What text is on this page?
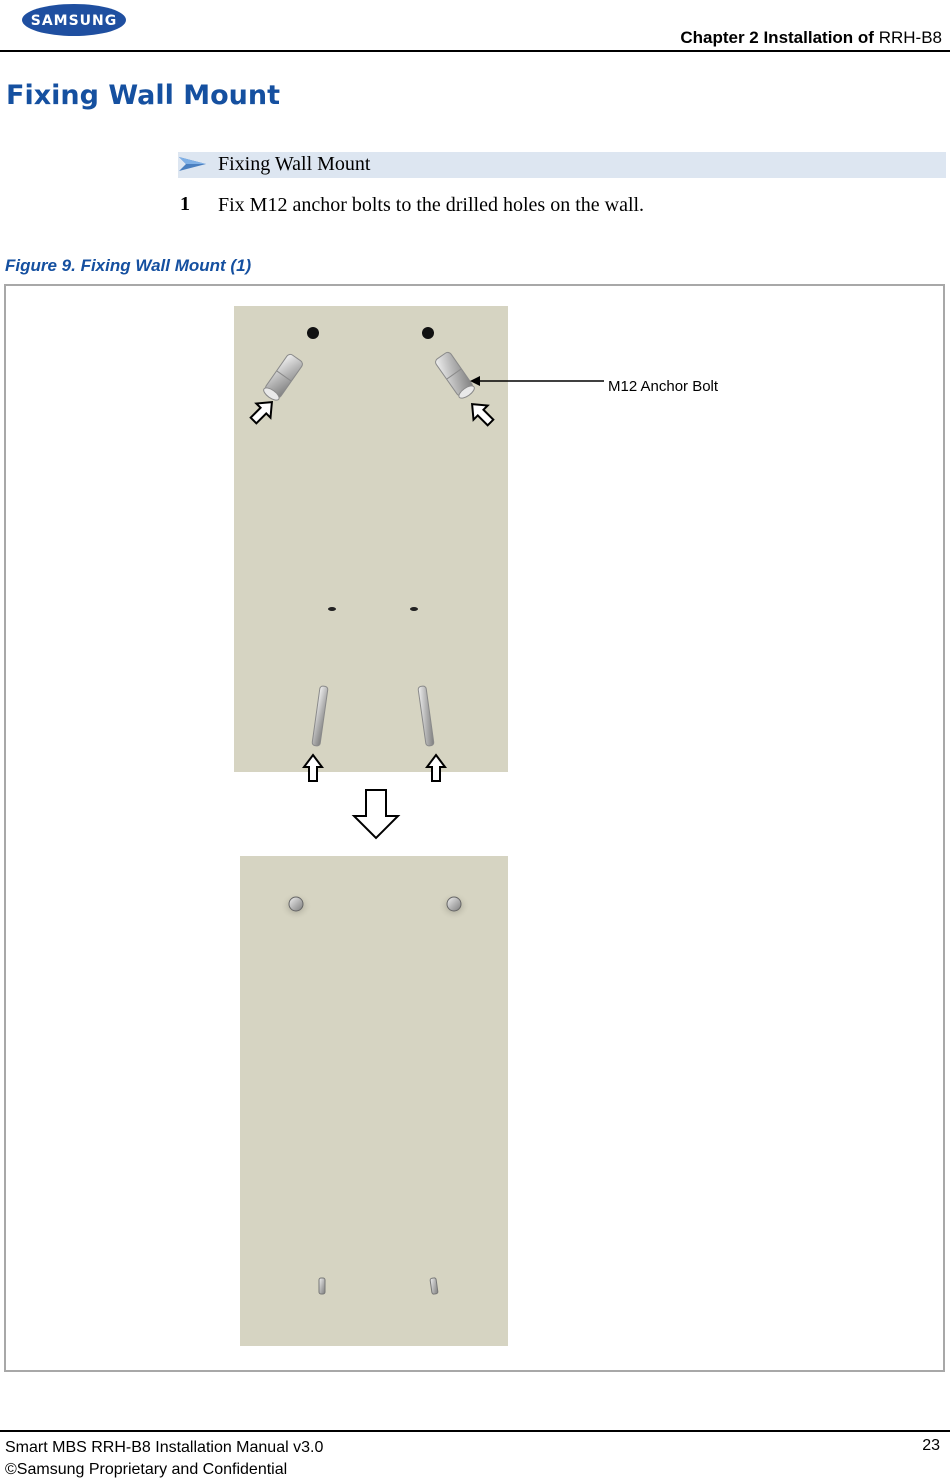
SAMSUNG
Chapter 2 Installation of RRH-B8
Fixing Wall Mount
Fixing Wall Mount
1 Fix M12 anchor bolts to the drilled holes on the wall.
Figure 9. Fixing Wall Mount (1)
M12 Anchor Bolt
Smart MBS RRH-B8 Installation Manual v3.0
©Samsung Proprietary and Confidential
23
